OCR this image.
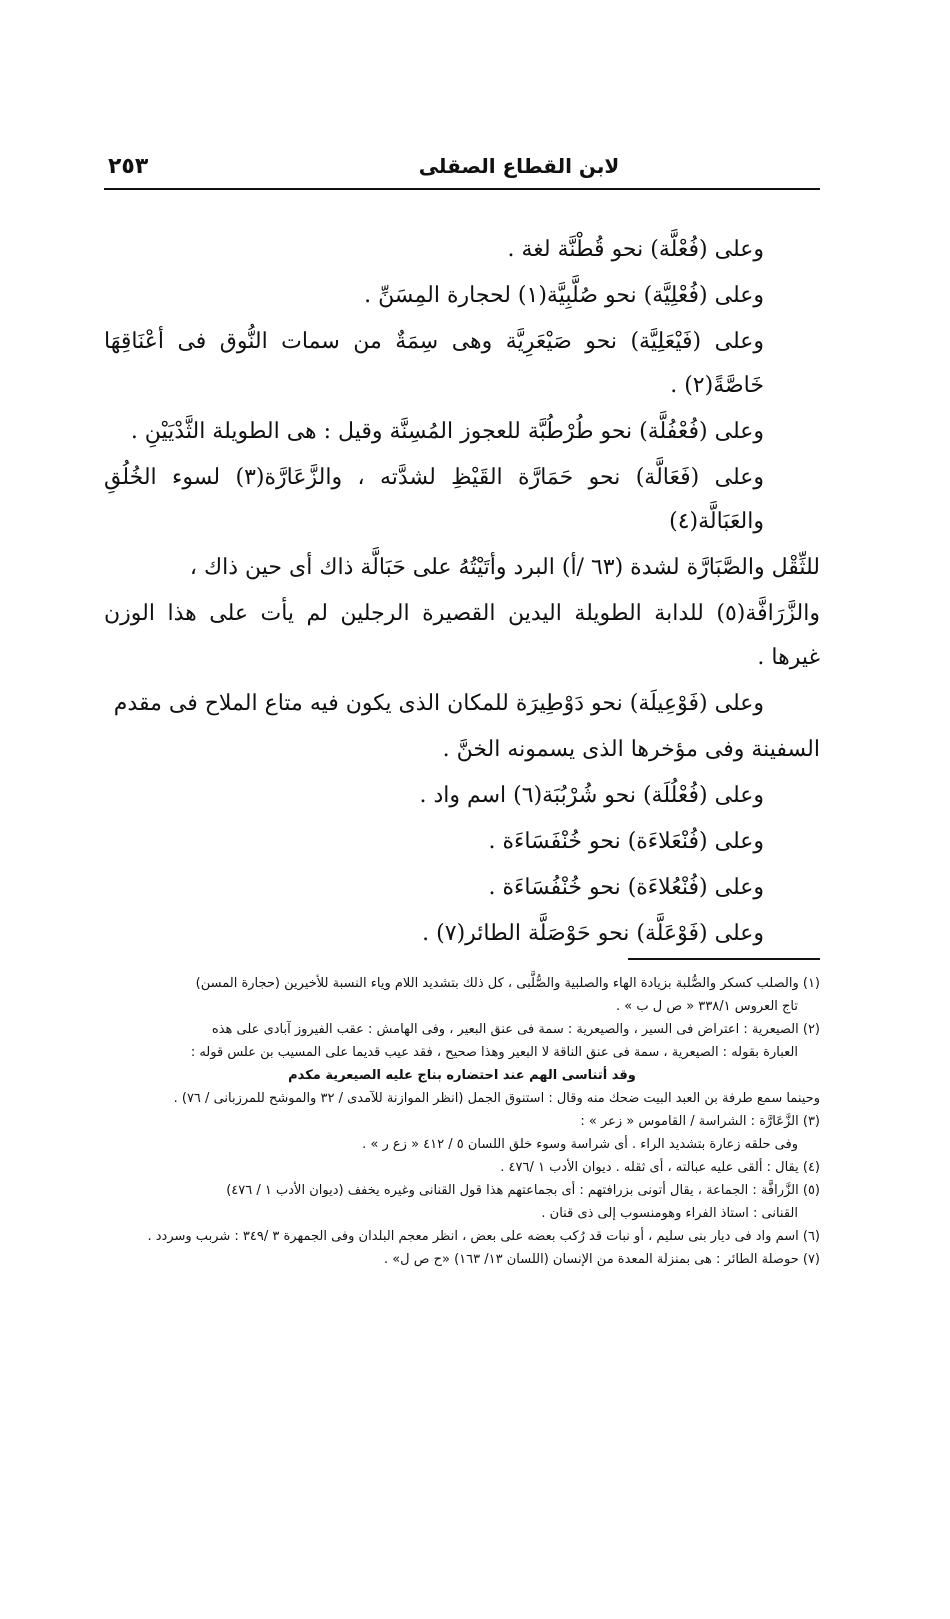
٢٥٣	لابن القطاع الصقلى

وعلى (فُعْلَّة) نحو قُطْنَّة لغة .

وعلى (فُعْلِيَّة) نحو صُلَّبِيَّة(١) لحجارة المِسَنِّ .

وعلى (فَيْعَلِيَّة) نحو صَيْعَرِيَّة وهى سِمَةٌ من سمات النُّوق فى أعْنَاقِهَا خَاصَّةً(٢) .

وعلى (فُعْفُلَّة) نحو طُرْطُبَّة للعجوز المُسِنَّة وقيل : هى الطويلة الثَّدْيَيْنِ .

وعلى (فَعَالَّة) نحو حَمَارَّة القَيْظِ لشدَّته ، والزَّعَارَّة(٣) لسوء الخُلُقِ والعَبَالَّة(٤)

للثِّقْل والصَّبَارَّة لشدة (٦٣ /أ) البرد وأتَيْتُهُ على حَبَالَّة ذاك أى حين ذاك ،

والزَّرَافَّة(٥) للدابة الطويلة اليدين القصيرة الرجلين لم يأت على هذا الوزن غيرها .

وعلى (فَوْعِيلَة) نحو دَوْطِيرَة للمكان الذى يكون فيه متاع الملاح فى مقدم

السفينة وفى مؤخرها الذى يسمونه الخنَّ .

وعلى (فُعْلُلَة) نحو شُرْبُبَة(٦) اسم واد .

وعلى (فُنْعَلاءَة) نحو خُنْفَسَاءَة .

وعلى (فُنْعُلاءَة) نحو خُنْفُسَاءَة .

وعلى (فَوْعَلَّة) نحو حَوْصَلَّة الطائر(٧) .

(١) والصلب كسكر والصُّلبة بزيادة الهاء والصلبية والصُّلَّبى ، كل ذلك بتشديد اللام وياء النسبة للأخيرين (حجارة المسن)

تاج العروس ٣٣٨/١ « ص ل ب » .

(٢) الصيعرية : اعتراض فى السير ، والصيعرية : سمة فى عنق البعير ، وفى الهامش : عقب الفيروز آبادى على هذه

العبارة بقوله : الصيعرية ، سمة فى عنق الناقة لا البعير وهذا صحيح ، فقد عيب قديما على المسيب بن علس قوله :

وقد أتناسى الهم عند احتضاره بناج عليه الصيعرية مكدم

وحينما سمع طرفة بن العبد البيت ضحك منه وقال : استنوق الجمل (انظر الموازنة للآمدى / ٣٢ والموشح للمرزبانى / ٧٦) .

(٣) الزَّعَارَّة : الشراسة / القاموس « زعر » :

وفى حلقه زعارة بتشديد الراء . أى شراسة وسوء خلق اللسان ٥ / ٤١٢ « زع ر » .

(٤) يقال : ألقى عليه عبالته ، أى ثقله . ديوان الأدب ١ /٤٧٦ .

(٥) الزَّرافَّة : الجماعة ، يقال أتونى بزرافتهم : أى بجماعتهم هذا قول القنانى وغيره يخفف (ديوان الأدب ١ / ٤٧٦)

القنانى : استاذ الفراء وهومنسوب إلى ذى قنان .

(٦) اسم واد فى ديار بنى سليم ، أو نبات قد رُكب بعضه على بعض ، انظر معجم البلدان وفى الجمهرة ٣ /٣٤٩ : شربب وسردد .

(٧) حوصلة الطائر : هى بمنزلة المعدة من الإنسان (اللسان ١٣/ ١٦٣) «ح ص ل» .
